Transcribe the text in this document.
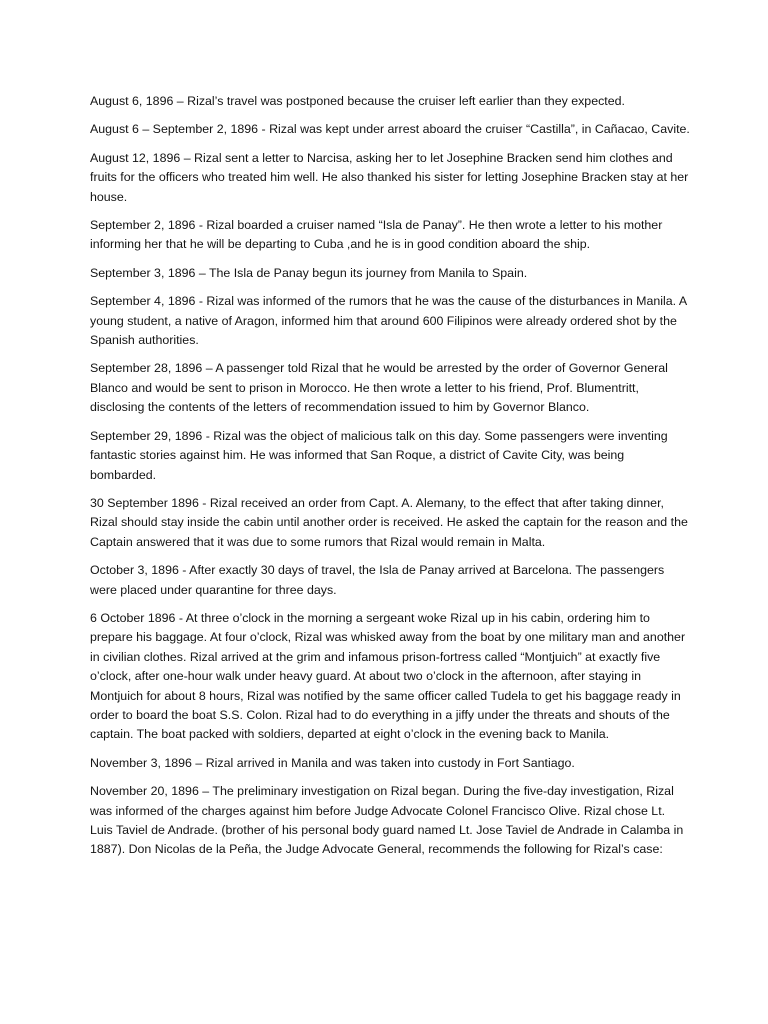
August 6, 1896 – Rizal’s travel was postponed because the cruiser left earlier than they expected.

August 6 – September 2, 1896 - Rizal was kept under arrest aboard the cruiser “Castilla”, in Cañacao, Cavite.

August 12, 1896 – Rizal sent a letter to Narcisa, asking her to let Josephine Bracken send him clothes and fruits for the officers who treated him well. He also thanked his sister for letting Josephine Bracken stay at her house.

September 2, 1896 - Rizal boarded a cruiser named “Isla de Panay”. He then wrote a letter to his mother informing her that he will be departing to Cuba ,and he is in good condition aboard the ship.

September 3, 1896 – The Isla de Panay begun its journey from Manila to Spain.

September 4, 1896 - Rizal was informed of the rumors that he was the cause of the disturbances in Manila. A young student, a native of Aragon, informed him that around 600 Filipinos were already ordered shot by the Spanish authorities.

September 28, 1896 – A passenger told Rizal that he would be arrested by the order of Governor General Blanco and would be sent to prison in Morocco. He then wrote a letter to his friend, Prof. Blumentritt, disclosing the contents of the letters of recommendation issued to him by Governor Blanco.

September 29, 1896 - Rizal was the object of malicious talk on this day. Some passengers were inventing fantastic stories against him. He was informed that San Roque, a district of Cavite City, was being bombarded.

30 September 1896 - Rizal received an order from Capt. A. Alemany, to the effect that after taking dinner, Rizal should stay inside the cabin until another order is received. He asked the captain for the reason and the Captain answered that it was due to some rumors that Rizal would remain in Malta.

October 3, 1896 - After exactly 30 days of travel, the Isla de Panay arrived at Barcelona. The passengers were placed under quarantine for three days.

6 October 1896 - At three o’clock in the morning a sergeant woke Rizal up in his cabin, ordering him to prepare his baggage. At four o’clock, Rizal was whisked away from the boat by one military man and another in civilian clothes. Rizal arrived at the grim and infamous prison-fortress called “Montjuich” at exactly five o’clock, after one-hour walk under heavy guard. At about two o’clock in the afternoon, after staying in Montjuich for about 8 hours, Rizal was notified by the same officer called Tudela to get his baggage ready in order to board the boat S.S. Colon. Rizal had to do everything in a jiffy under the threats and shouts of the captain. The boat packed with soldiers, departed at eight o’clock in the evening back to Manila.

November 3, 1896 – Rizal arrived in Manila and was taken into custody in Fort Santiago.

November 20, 1896 – The preliminary investigation on Rizal began. During the five-day investigation, Rizal was informed of the charges against him before Judge Advocate Colonel Francisco Olive. Rizal chose Lt. Luis Taviel de Andrade. (brother of his personal body guard named Lt. Jose Taviel de Andrade in Calamba in 1887). Don Nicolas de la Peña, the Judge Advocate General, recommends the following for Rizal’s case:
